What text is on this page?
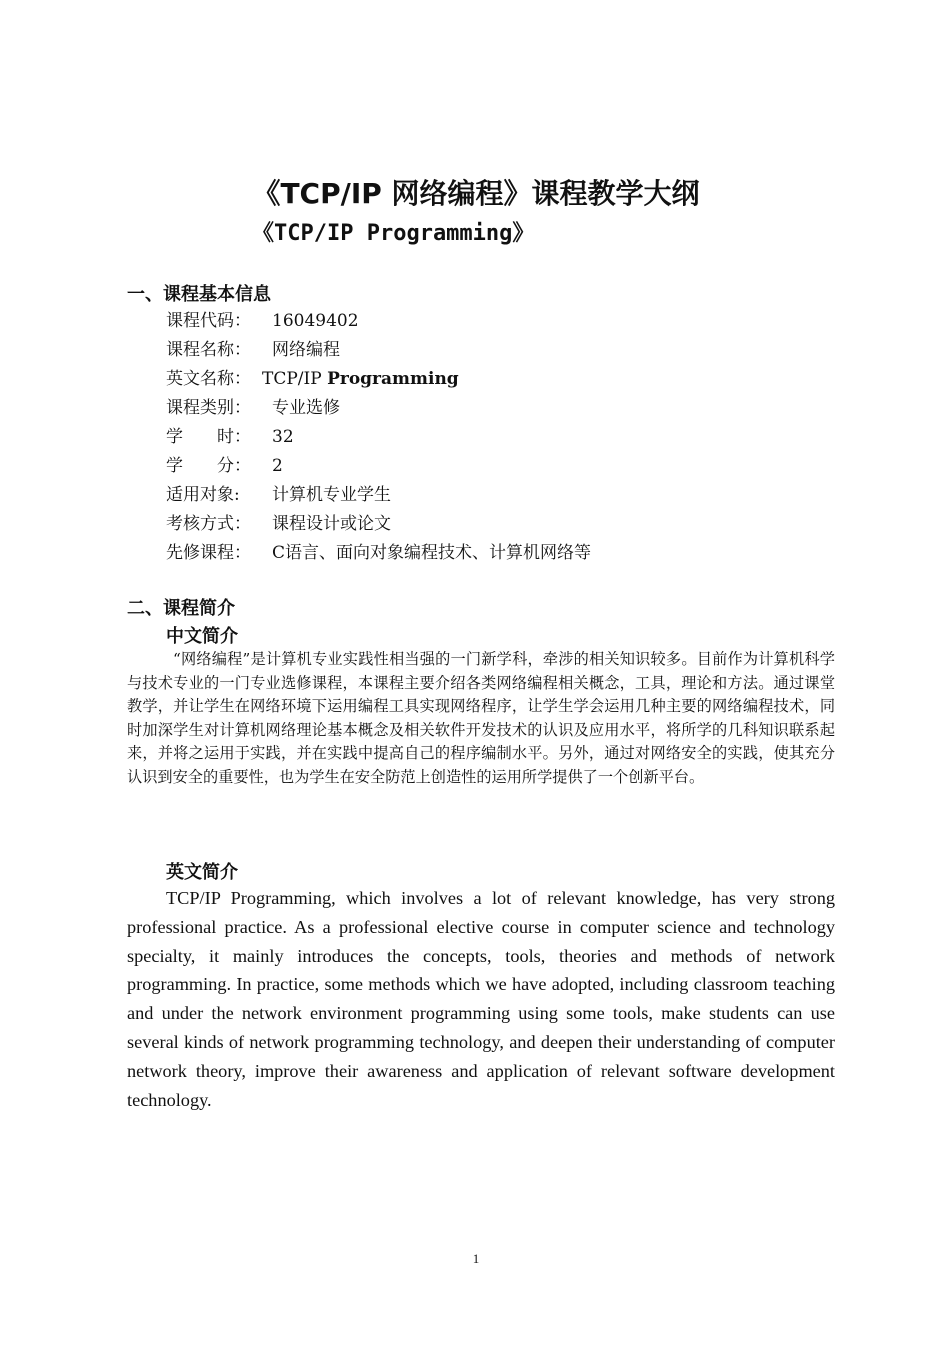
《TCP/IP 网络编程》课程教学大纲
《TCP/IP Programming》
一、课程基本信息
课程代码： 16049402
课程名称： 网络编程
英文名称： TCP/IP Programming
课程类别： 专业选修
学　　时： 32
学　　分： 2
适用对象: 计算机专业学生
考核方式： 课程设计或论文
先修课程： C语言、面向对象编程技术、计算机网络等
二、课程简介
中文简介
“网络编程”是计算机专业实践性相当强的一门新学科，牵涉的相关知识较多。目前作为计算机科学与技术专业的一门专业选修课程，本课程主要介绍各类网络编程相关概念，工具，理论和方法。通过课堂教学，并让学生在网络环境下运用编程工具实现网络程序，让学生学会运用几种主要的网络编程技术，同时加深学生对计算机网络理论基本概念及相关软件开发技术的认识及应用水平，将所学的几科知识联系起来，并将之运用于实践，并在实践中提高自己的程序编制水平。另外，通过对网络安全的实践，使其充分认识到安全的重要性，也为学生在安全防范上创造性的运用所学提供了一个创新平台。
英文简介
TCP/IP Programming, which involves a lot of relevant knowledge, has very strong professional practice. As a professional elective course in computer science and technology specialty, it mainly introduces the concepts, tools, theories and methods of network programming. In practice, some methods which we have adopted, including classroom teaching and under the network environment programming using some tools, make students can use several kinds of network programming technology, and deepen their understanding of computer network theory, improve their awareness and application of relevant software development technology.
1
